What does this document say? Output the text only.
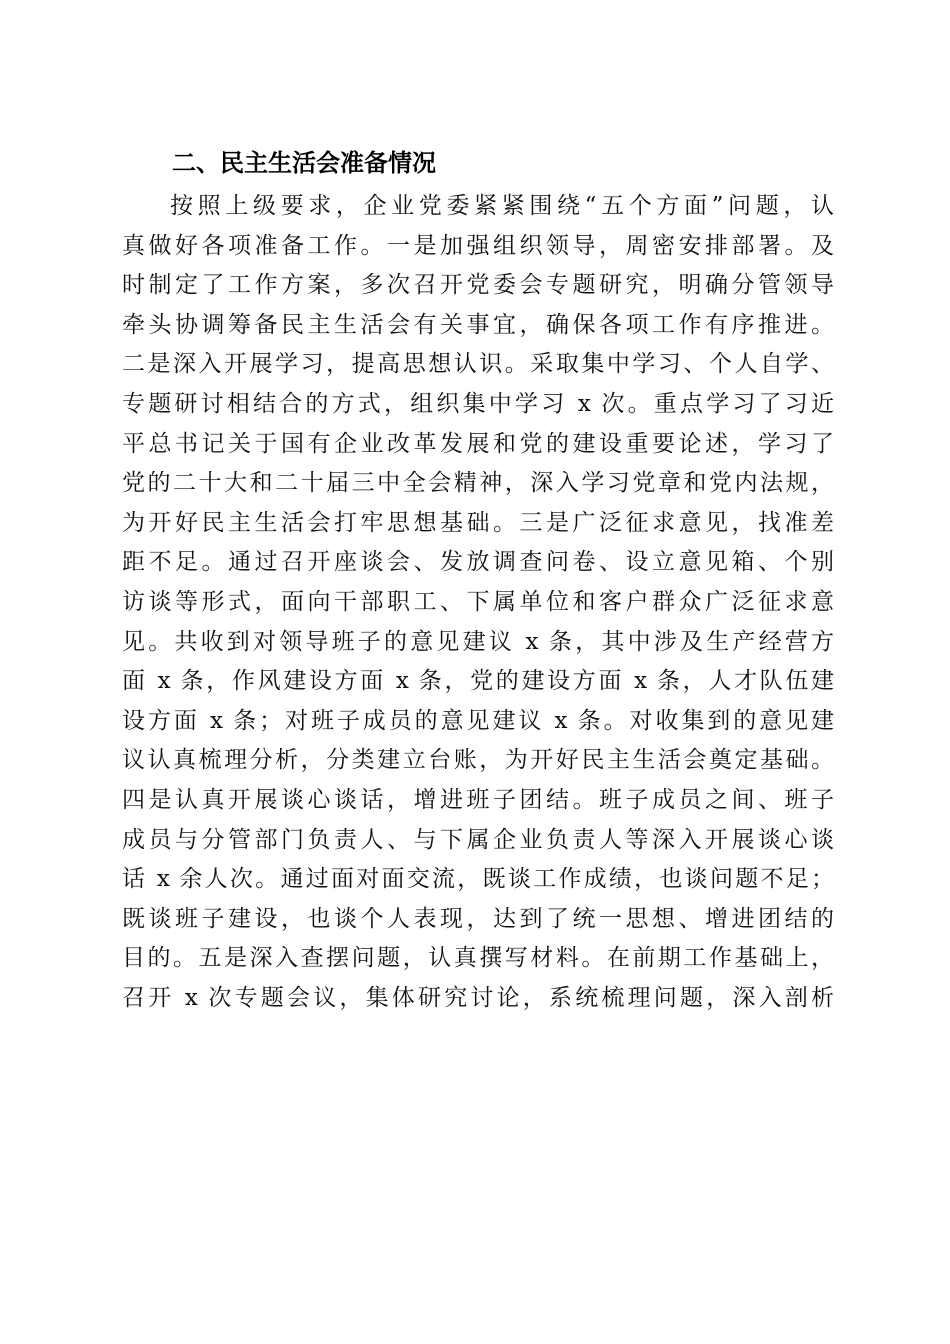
二、民主生活会准备情况
按照上级要求，企业党委紧紧围绕“五个方面”问题，认
真做好各项准备工作。一是加强组织领导，周密安排部署。及
时制定了工作方案，多次召开党委会专题研究，明确分管领导
牵头协调筹备民主生活会有关事宜，确保各项工作有序推进。
二是深入开展学习，提高思想认识。采取集中学习、个人自学、
专题研讨相结合的方式，组织集中学习 x 次。重点学习了习近
平总书记关于国有企业改革发展和党的建设重要论述，学习了
党的二十大和二十届三中全会精神，深入学习党章和党内法规，
为开好民主生活会打牢思想基础。三是广泛征求意见，找准差
距不足。通过召开座谈会、发放调查问卷、设立意见箱、个别
访谈等形式，面向干部职工、下属单位和客户群众广泛征求意
见。共收到对领导班子的意见建议 x 条，其中涉及生产经营方
面 x 条，作风建设方面 x 条，党的建设方面 x 条，人才队伍建
设方面 x 条；对班子成员的意见建议 x 条。对收集到的意见建
议认真梳理分析，分类建立台账，为开好民主生活会奠定基础。
四是认真开展谈心谈话，增进班子团结。班子成员之间、班子
成员与分管部门负责人、与下属企业负责人等深入开展谈心谈
话 x 余人次。通过面对面交流，既谈工作成绩，也谈问题不足；
既谈班子建设，也谈个人表现，达到了统一思想、增进团结的
目的。五是深入查摆问题，认真撰写材料。在前期工作基础上，
召开 x 次专题会议，集体研究讨论，系统梳理问题，深入剖析
